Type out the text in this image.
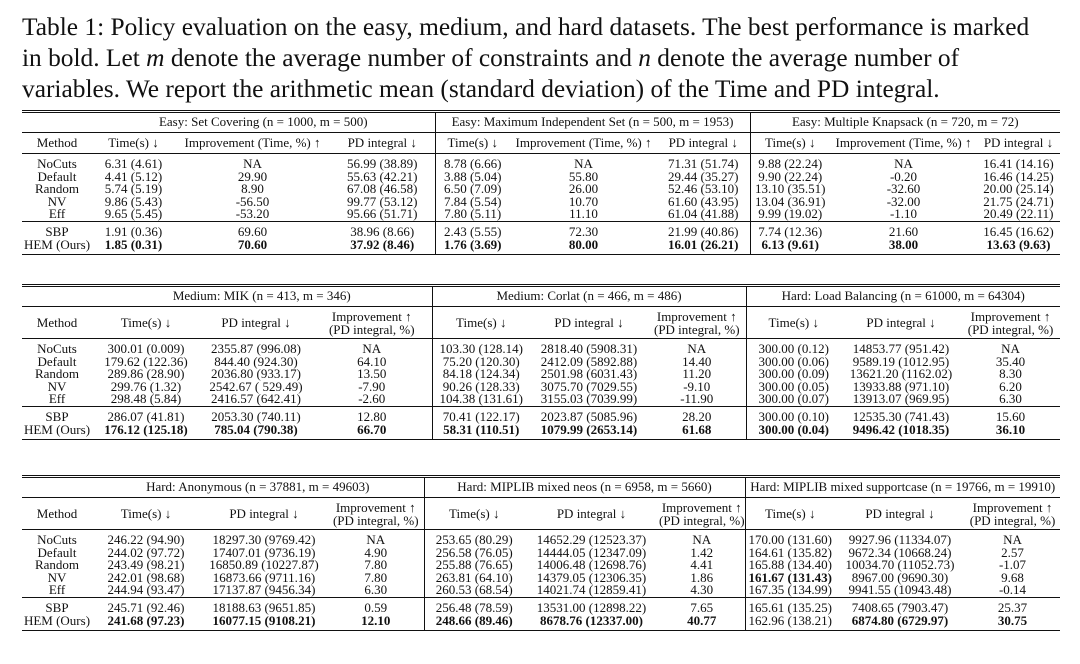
Table 1: Policy evaluation on the easy, medium, and hard datasets. The best performance is marked
in bold. Let m denote the average number of constraints and n denote the average number of
variables. We report the arithmetic mean (standard deviation) of the Time and PD integral.
	Easy: Set Covering (n = 1000, m = 500)			Easy: Maximum Independent Set (n = 500, m = 1953)			Easy: Multiple Knapsack (n = 720, m = 72)		
Method	Time(s) ↓	Improvement (Time, %) ↑	PD integral ↓	Time(s) ↓	Improvement (Time, %) ↑	PD integral ↓	Time(s) ↓	Improvement (Time, %) ↑	PD integral ↓

NoCuts	6.31 (4.61)	NA	56.99 (38.89)	8.78 (6.66)	NA	71.31 (51.74)	9.88 (22.24)	NA	16.41 (14.16)
Default	4.41 (5.12)	29.90	55.63 (42.21)	3.88 (5.04)	55.80	29.44 (35.27)	9.90 (22.24)	-0.20	16.46 (14.25)
Random	5.74 (5.19)	8.90	67.08 (46.58)	6.50 (7.09)	26.00	52.46 (53.10)	13.10 (35.51)	-32.60	20.00 (25.14)
NV	9.86 (5.43)	-56.50	99.77 (53.12)	7.84 (5.54)	10.70	61.60 (43.95)	13.04 (36.91)	-32.00	21.75 (24.71)
Eff	9.65 (5.45)	-53.20	95.66 (51.71)	7.80 (5.11)	11.10	61.04 (41.88)	9.99 (19.02)	-1.10	20.49 (22.11)
SBP	1.91 (0.36)	69.60	38.96 (8.66)	2.43 (5.55)	72.30	21.99 (40.86)	7.74 (12.36)	21.60	16.45 (16.62)
HEM (Ours)	1.85 (0.31)	70.60	37.92 (8.46)	1.76 (3.69)	80.00	16.01 (26.21)	6.13 (9.61)	38.00	13.63 (9.63)
	Medium: MIK (n = 413, m = 346)			Medium: Corlat (n = 466, m = 486)			Hard: Load Balancing (n = 61000, m = 64304)		
Method	Time(s) ↓	PD integral ↓	Improvement ↑
(PD integral, %)	Time(s) ↓	PD integral ↓	Improvement ↑
(PD integral, %)	Time(s) ↓	PD integral ↓	Improvement ↑
(PD integral, %)

NoCuts	300.01 (0.009)	2355.87 (996.08)	NA	103.30 (128.14)	2818.40 (5908.31)	NA	300.00 (0.12)	14853.77 (951.42)	NA
Default	179.62 (122.36)	844.40 (924.30)	64.10	75.20 (120.30)	2412.09 (5892.88)	14.40	300.00 (0.06)	9589.19 (1012.95)	35.40
Random	289.86 (28.90)	2036.80 (933.17)	13.50	84.18 (124.34)	2501.98 (6031.43)	11.20	300.00 (0.09)	13621.20 (1162.02)	8.30
NV	299.76 (1.32)	2542.67 ( 529.49)	-7.90	90.26 (128.33)	3075.70 (7029.55)	-9.10	300.00 (0.05)	13933.88 (971.10)	6.20
Eff	298.48 (5.84)	2416.57 (642.41)	-2.60	104.38 (131.61)	3155.03 (7039.99)	-11.90	300.00 (0.07)	13913.07 (969.95)	6.30
SBP	286.07 (41.81)	2053.30 (740.11)	12.80	70.41 (122.17)	2023.87 (5085.96)	28.20	300.00 (0.10)	12535.30 (741.43)	15.60
HEM (Ours)	176.12 (125.18)	785.04 (790.38)	66.70	58.31 (110.51)	1079.99 (2653.14)	61.68	300.00 (0.04)	9496.42 (1018.35)	36.10
	Hard: Anonymous (n = 37881, m = 49603)			Hard: MIPLIB mixed neos (n = 6958, m = 5660)			Hard: MIPLIB mixed supportcase (n = 19766, m = 19910)		
Method	Time(s) ↓	PD integral ↓	Improvement ↑
(PD integral, %)	Time(s) ↓	PD integral ↓	Improvement ↑
(PD integral, %)	Time(s) ↓	PD integral ↓	Improvement ↑
(PD integral, %)

NoCuts	246.22 (94.90)	18297.30 (9769.42)	NA	253.65 (80.29)	14652.29 (12523.37)	NA	170.00 (131.60)	9927.96 (11334.07)	NA
Default	244.02 (97.72)	17407.01 (9736.19)	4.90	256.58 (76.05)	14444.05 (12347.09)	1.42	164.61 (135.82)	9672.34 (10668.24)	2.57
Random	243.49 (98.21)	16850.89 (10227.87)	7.80	255.88 (76.65)	14006.48 (12698.76)	4.41	165.88 (134.40)	10034.70 (11052.73)	-1.07
NV	242.01 (98.68)	16873.66 (9711.16)	7.80	263.81 (64.10)	14379.05 (12306.35)	1.86	161.67 (131.43)	8967.00 (9690.30)	9.68
Eff	244.94 (93.47)	17137.87 (9456.34)	6.30	260.53 (68.54)	14021.74 (12859.41)	4.30	167.35 (134.99)	9941.55 (10943.48)	-0.14
SBP	245.71 (92.46)	18188.63 (9651.85)	0.59	256.48 (78.59)	13531.00 (12898.22)	7.65	165.61 (135.25)	7408.65 (7903.47)	25.37
HEM (Ours)	241.68 (97.23)	16077.15 (9108.21)	12.10	248.66 (89.46)	8678.76 (12337.00)	40.77	162.96 (138.21)	6874.80 (6729.97)	30.75
